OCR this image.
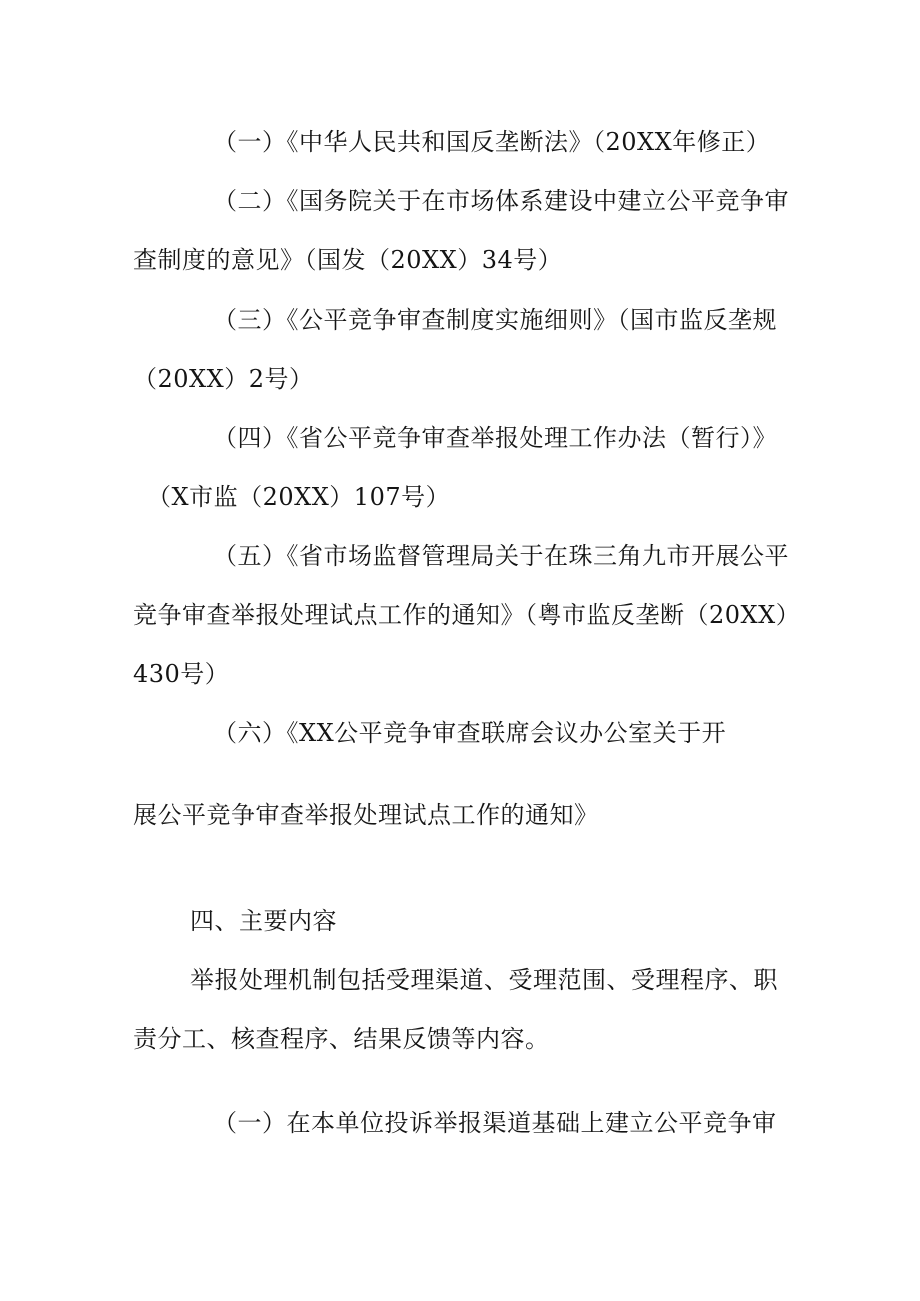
（一）《中华人民共和国反垄断法》（20XX年修正）
（二）《国务院关于在市场体系建设中建立公平竞争审
查制度的意见》（国发（20XX）34号）
（三）《公平竞争审查制度实施细则》（国市监反垄规
（20XX）2号）
（四）《省公平竞争审查举报处理工作办法（暂行）》
（X市监（20XX）107号）
（五）《省市场监督管理局关于在珠三角九市开展公平
竞争审查举报处理试点工作的通知》（粤市监反垄断（20XX）
430号）
（六）《XX公平竞争审查联席会议办公室关于开
展公平竞争审查举报处理试点工作的通知》
四、主要内容
举报处理机制包括受理渠道、受理范围、受理程序、职
责分工、核查程序、结果反馈等内容。
（一）在本单位投诉举报渠道基础上建立公平竞争审
